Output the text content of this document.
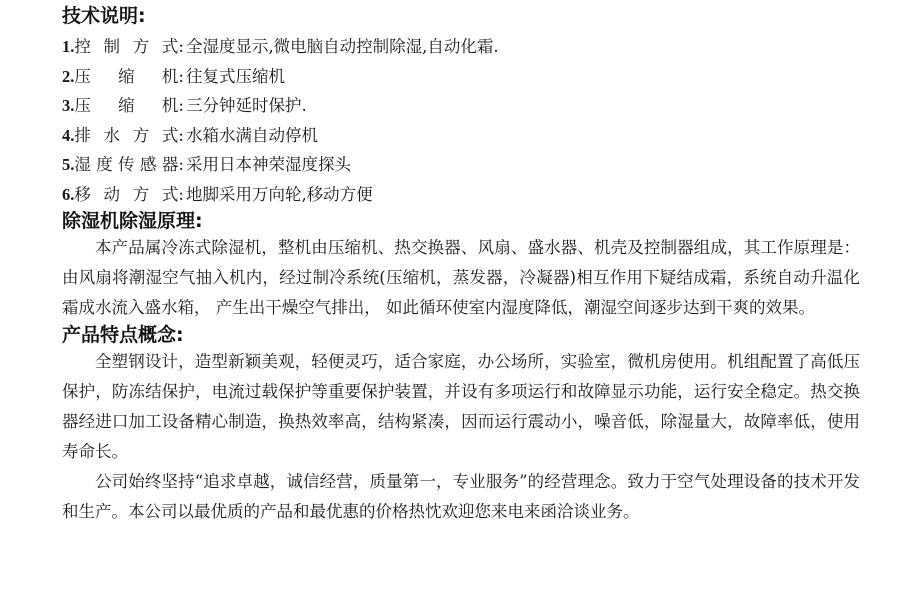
技术说明:
1. 控制方式 : 全湿度显示,微电脑自动控制除湿,自动化霜.
2. 压缩机 : 往复式压缩机
3. 压缩机 : 三分钟延时保护.
4. 排水方式 : 水箱水满自动停机
5. 湿度传感器 : 采用日本神荣湿度探头
6. 移动方式 : 地脚采用万向轮,移动方便
除湿机除湿原理:

本产品属冷冻式除湿机，整机由压缩机、热交换器、风扇、盛水器、机壳及控制器组成，其工作原理是：由风扇将潮湿空气抽入机内，经过制冷系统(压缩机，蒸发器，冷凝器)相互作用下疑结成霜，系统自动升温化霜成水流入盛水箱， 产生出干燥空气排出， 如此循环使室内湿度降低，潮湿空间逐步达到干爽的效果。

产品特点概念:

全塑钢设计，造型新颖美观，轻便灵巧，适合家庭，办公场所，实验室，微机房使用。机组配置了高低压保护，防冻结保护，电流过载保护等重要保护装置，并设有多项运行和故障显示功能，运行安全稳定。热交换器经进口加工设备精心制造，换热效率高，结构紧凑，因而运行震动小，噪音低，除湿量大，故障率低，使用寿命长。

公司始终坚持“追求卓越，诚信经营，质量第一，专业服务”的经营理念。致力于空气处理设备的技术开发和生产。本公司以最优质的产品和最优惠的价格热忱欢迎您来电来函洽谈业务。
